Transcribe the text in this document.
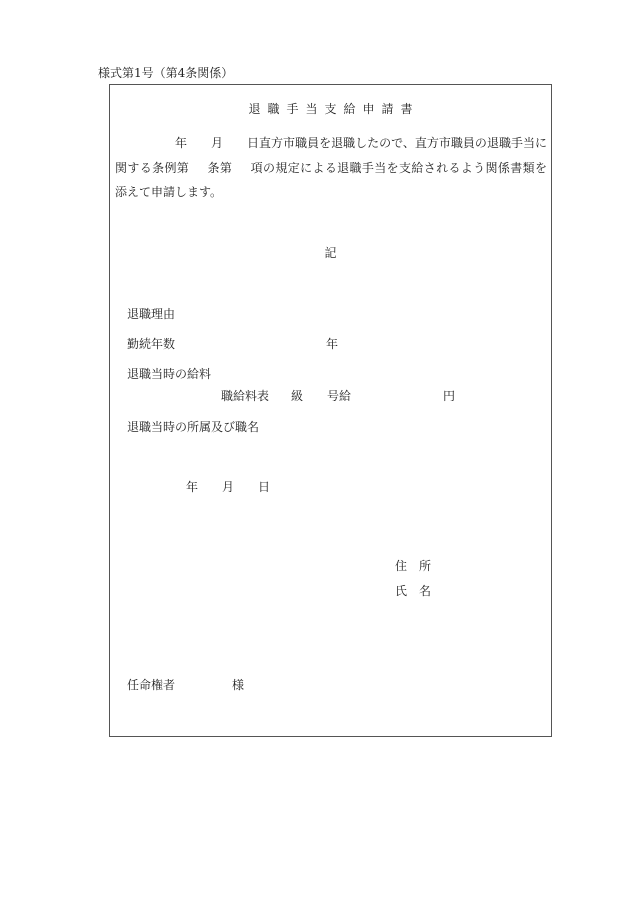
様式第1号（第4条関係）
退職手当支給申請書
年 月 日直方市職員を退職したので、直方市職員の退職手当に関する条例第 条第 項の規定による退職手当を支給されるよう関係書類を添えて申請します。
記
退職理由
勤続年数	年
退職当時の給料
職給料表 級 号給	円
退職当時の所属及び職名
年 月 日
住 所
氏 名
任命権者	様
